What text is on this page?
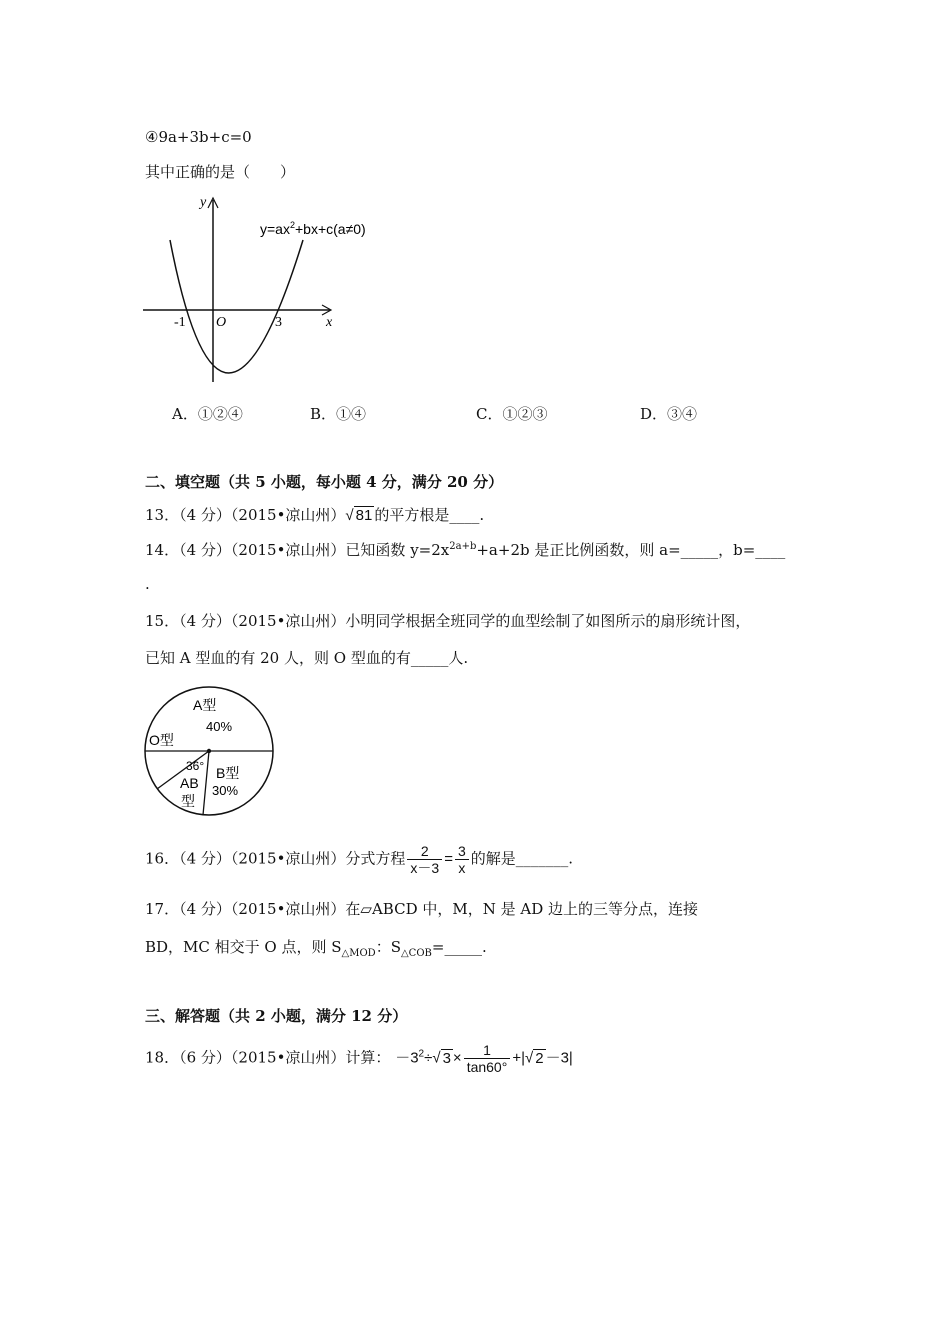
④9a+3b+c=0
其中正确的是（　　）
y
x
O
-1	3
$y=ax^2+bx+c(a\ne 0)$
A．①②④	B．①④	C．①②③	D．③④
二、填空题（共 5 小题，每小题 4 分，满分 20 分）
13．（4 分）（2015•凉山州）√ 81 的平方根是____.
14．（4 分）（2015•凉山州）已知函数 $y=2x^{2a+b}+a+2b$ 是正比例函数，则 a=_____，b=____
.
15．（4 分）（2015•凉山州）小明同学根据全班同学的血型绘制了如图所示的扇形统计图，
已知 A 型血的有 20 人，则 O 型血的有_____人.
A型
40%
B型
30%
O型
36°
AB
型
16．（4 分）（2015•凉山州）分式方程 $\frac{2}{x-3} = \frac{3}{x}$ 的解是_______.
17．（4 分）（2015•凉山州）在▱ABCD 中，M，N 是 AD 边上的三等分点，连接
BD，MC 相交于 O 点，则 $S_{\triangle MOD}$：$S_{\triangle COB}=\_\_\_\_\_$.
三、解答题（共 2 小题，满分 12 分）
18．（6 分）（2015•凉山州）计算： $-3^2\div√$ $3 \times \frac{1}{\tan 60^\circ}$ +|√ 2 －3|
